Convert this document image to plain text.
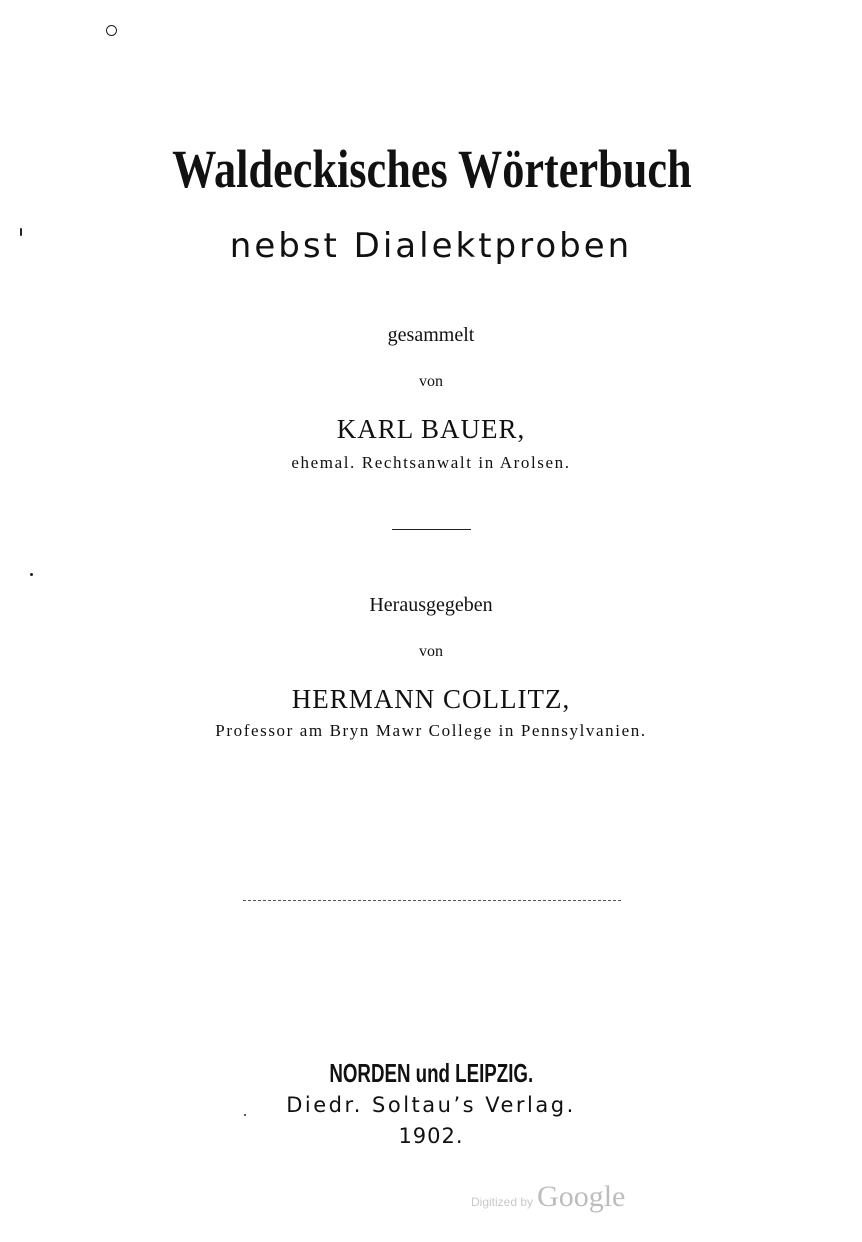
Waldeckisches Wörterbuch
nebst Dialektproben
gesammelt
von
KARL BAUER,
ehemal. Rechtsanwalt in Arolsen.
Herausgegeben
von
HERMANN COLLITZ,
Professor am Bryn Mawr College in Pennsylvanien.
NORDEN und LEIPZIG.
Diedr. Soltau’s Verlag.
1902.
Digitized by Google
